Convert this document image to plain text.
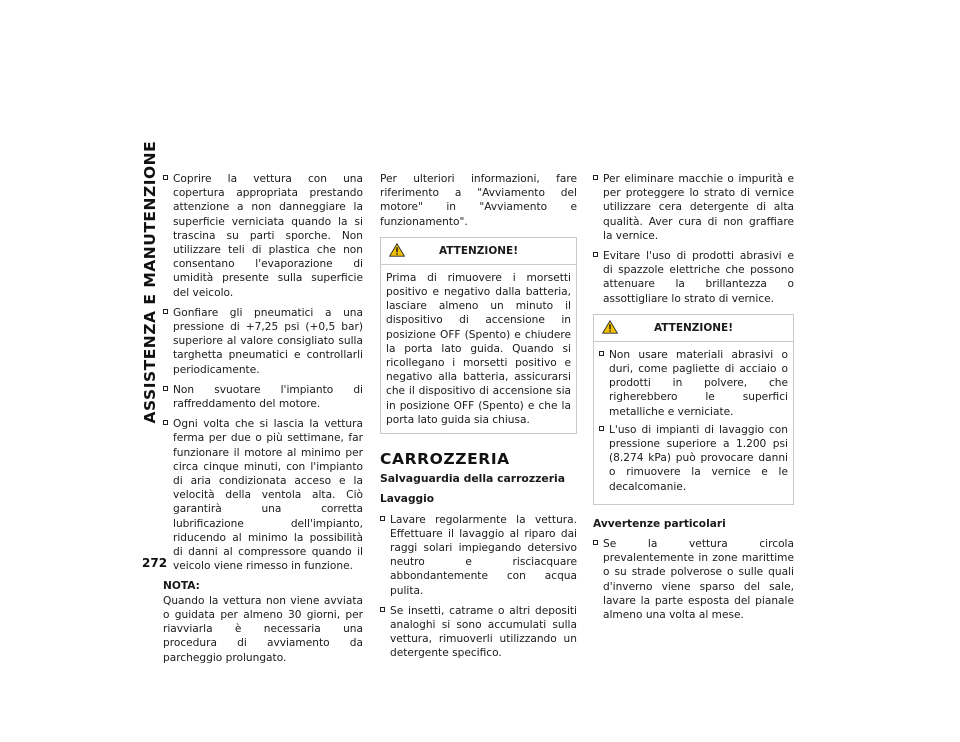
ASSISTENZA E MANUTENZIONE
272

Coprire la vettura con una copertura appropriata prestando attenzione a non danneggiare la superficie verniciata quando la si trascina su parti sporche. Non utilizzare teli di plastica che non consentano l'evaporazione di umidità presente sulla superficie del veicolo.

Gonfiare gli pneumatici a una pressione di +7,25 psi (+0,5 bar) superiore al valore consigliato sulla targhetta pneumatici e controllarli periodicamente.

Non svuotare l'impianto di raffreddamento del motore.

Ogni volta che si lascia la vettura ferma per due o più settimane, far funzionare il motore al minimo per circa cinque minuti, con l'impianto di aria condizionata acceso e la velocità della ventola alta. Ciò garantirà una corretta lubrificazione dell'impianto, riducendo al minimo la possibilità di danni al compressore quando il veicolo viene rimesso in funzione.

NOTA:

Quando la vettura non viene avviata o guidata per almeno 30 giorni, per riavviarla è necessaria una procedura di avviamento da parcheggio prolungato.

Per ulteriori informazioni, fare riferimento a "Avviamento del motore" in "Avviamento e funzionamento".

ATTENZIONE!

Prima di rimuovere i morsetti positivo e negativo dalla batteria, lasciare almeno un minuto il dispositivo di accensione in posizione OFF (Spento) e chiudere la porta lato guida. Quando si ricollegano i morsetti positivo e negativo alla batteria, assicurarsi che il dispositivo di accensione sia in posizione OFF (Spento) e che la porta lato guida sia chiusa.

CARROZZERIA
Salvaguardia della carrozzeria
Lavaggio

Lavare regolarmente la vettura. Effettuare il lavaggio al riparo dai raggi solari impiegando detersivo neutro e risciacquare abbondantemente con acqua pulita.

Se insetti, catrame o altri depositi analoghi si sono accumulati sulla vettura, rimuoverli utilizzando un detergente specifico.

Per eliminare macchie o impurità e per proteggere lo strato di vernice utilizzare cera detergente di alta qualità. Aver cura di non graffiare la vernice.

Evitare l'uso di prodotti abrasivi e di spazzole elettriche che possono attenuare la brillantezza o assottigliare lo strato di vernice.

ATTENZIONE!

Non usare materiali abrasivi o duri, come pagliette di acciaio o prodotti in polvere, che righerebbero le superfici metalliche e verniciate.

L'uso di impianti di lavaggio con pressione superiore a 1.200 psi (8.274 kPa) può provocare danni o rimuovere la vernice e le decalcomanie.

Avvertenze particolari

Se la vettura circola prevalentemente in zone marittime o su strade polverose o sulle quali d'inverno viene sparso del sale, lavare la parte esposta del pianale almeno una volta al mese.
